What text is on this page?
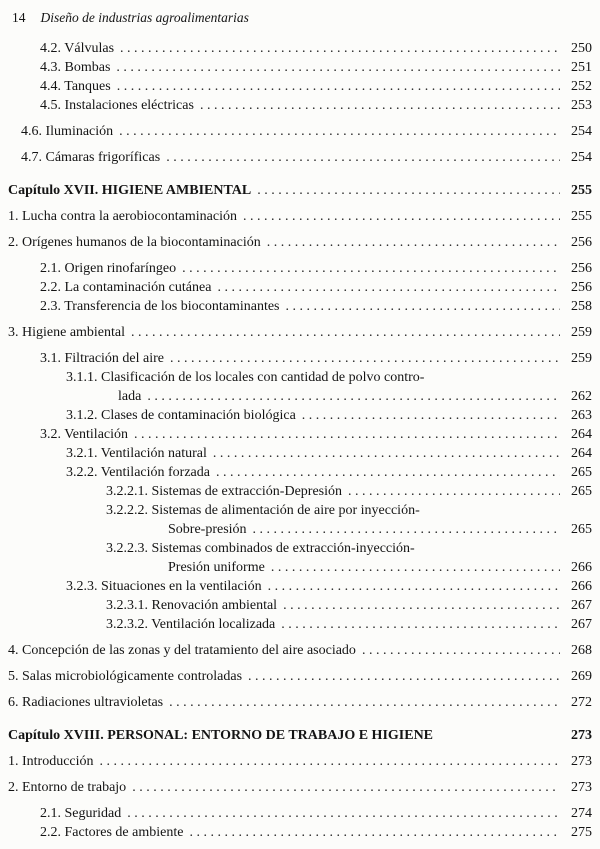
14 Diseño de industrias agroalimentarias
4.2. Válvulas . . .	250
4.3. Bombas . . .	251
4.4. Tanques . . .	252
4.5. Instalaciones eléctricas . . .	253
4.6. Iluminación . . .	254
4.7. Cámaras frigoríficas . . .	254
Capítulo XVII. HIGIENE AMBIENTAL . . .	255
1. Lucha contra la aerobiocontaminación . . .	255
2. Orígenes humanos de la biocontaminación . . .	256
2.1. Origen rinofaríngeo . . .	256
2.2. La contaminación cutánea . . .	256
2.3. Transferencia de los biocontaminantes . . .	258
3. Higiene ambiental . . .	259
3.1. Filtración del aire . . .	259
3.1.1. Clasificación de los locales con cantidad de polvo contro-
lada . . .	262
3.1.2. Clases de contaminación biológica . . .	263
3.2. Ventilación . . .	264
3.2.1. Ventilación natural . . .	264
3.2.2. Ventilación forzada . . .	265
3.2.2.1. Sistemas de extracción-Depresión . . .	265
3.2.2.2. Sistemas de alimentación de aire por inyección-
Sobre-presión . . .	265
3.2.2.3. Sistemas combinados de extracción-inyección-
Presión uniforme . . .	266
3.2.3. Situaciones en la ventilación . . .	266
3.2.3.1. Renovación ambiental . . .	267
3.2.3.2. Ventilación localizada . . .	267
4. Concepción de las zonas y del tratamiento del aire asociado . . .	268
5. Salas microbiológicamente controladas . . .	269
6. Radiaciones ultravioletas . . .	272
Capítulo XVIII. PERSONAL: ENTORNO DE TRABAJO E HIGIENE	273
1. Introducción . . .	273
2. Entorno de trabajo . . .	273
2.1. Seguridad . . .	274
2.2. Factores de ambiente . . .	275
